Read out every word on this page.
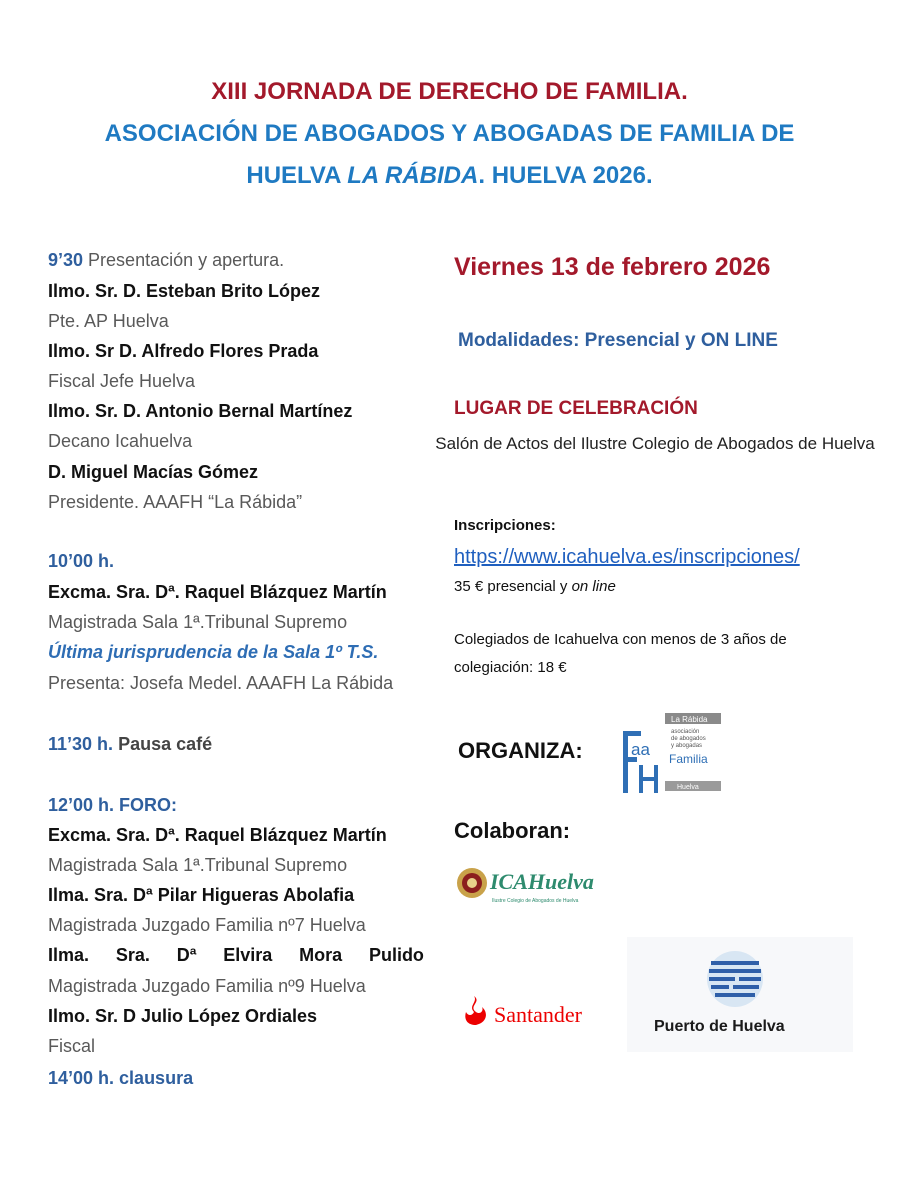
XIII JORNADA DE DERECHO DE FAMILIA.
ASOCIACIÓN DE ABOGADOS Y ABOGADAS DE FAMILIA DE
HUELVA LA RÁBIDA. HUELVA 2026.
9’30 Presentación y apertura.
Ilmo. Sr. D. Esteban Brito López
Pte. AP Huelva
Ilmo. Sr D. Alfredo Flores Prada
Fiscal Jefe Huelva
Ilmo. Sr. D. Antonio Bernal Martínez
Decano Icahuelva
D. Miguel Macías Gómez
Presidente. AAAFH “La Rábida”
10’00 h.
Excma. Sra. Dª. Raquel Blázquez Martín
Magistrada Sala 1ª.Tribunal Supremo
Última jurisprudencia de la Sala 1º T.S.
Presenta: Josefa Medel. AAAFH La Rábida
11’30 h. Pausa café
12’00 h. FORO:
Excma. Sra. Dª. Raquel Blázquez Martín
Magistrada Sala 1ª.Tribunal Supremo
Ilma. Sra. Dª Pilar Higueras Abolafia
Magistrada Juzgado Familia nº7 Huelva
Ilma. Sra. Dª Elvira Mora Pulido
Magistrada Juzgado Familia nº9 Huelva
Ilmo. Sr. D Julio López Ordiales
Fiscal
14’00 h. clausura
Viernes 13 de febrero 2026
Modalidades: Presencial y ON LINE
LUGAR DE CELEBRACIÓN
Salón de Actos del Ilustre Colegio de Abogados de Huelva
Inscripciones:
https://www.icahuelva.es/inscripciones/
35 € presencial y on line
Colegiados de Icahuelva con menos de 3 años de
colegiación: 18 €
ORGANIZA:
Colaboran:
La Rábida
aa
asociación
de abogados
y abogadas
Familia
Huelva
ICAHuelva
Ilustre Colegio de Abogados de Huelva
Santander	Puerto de Huelva
